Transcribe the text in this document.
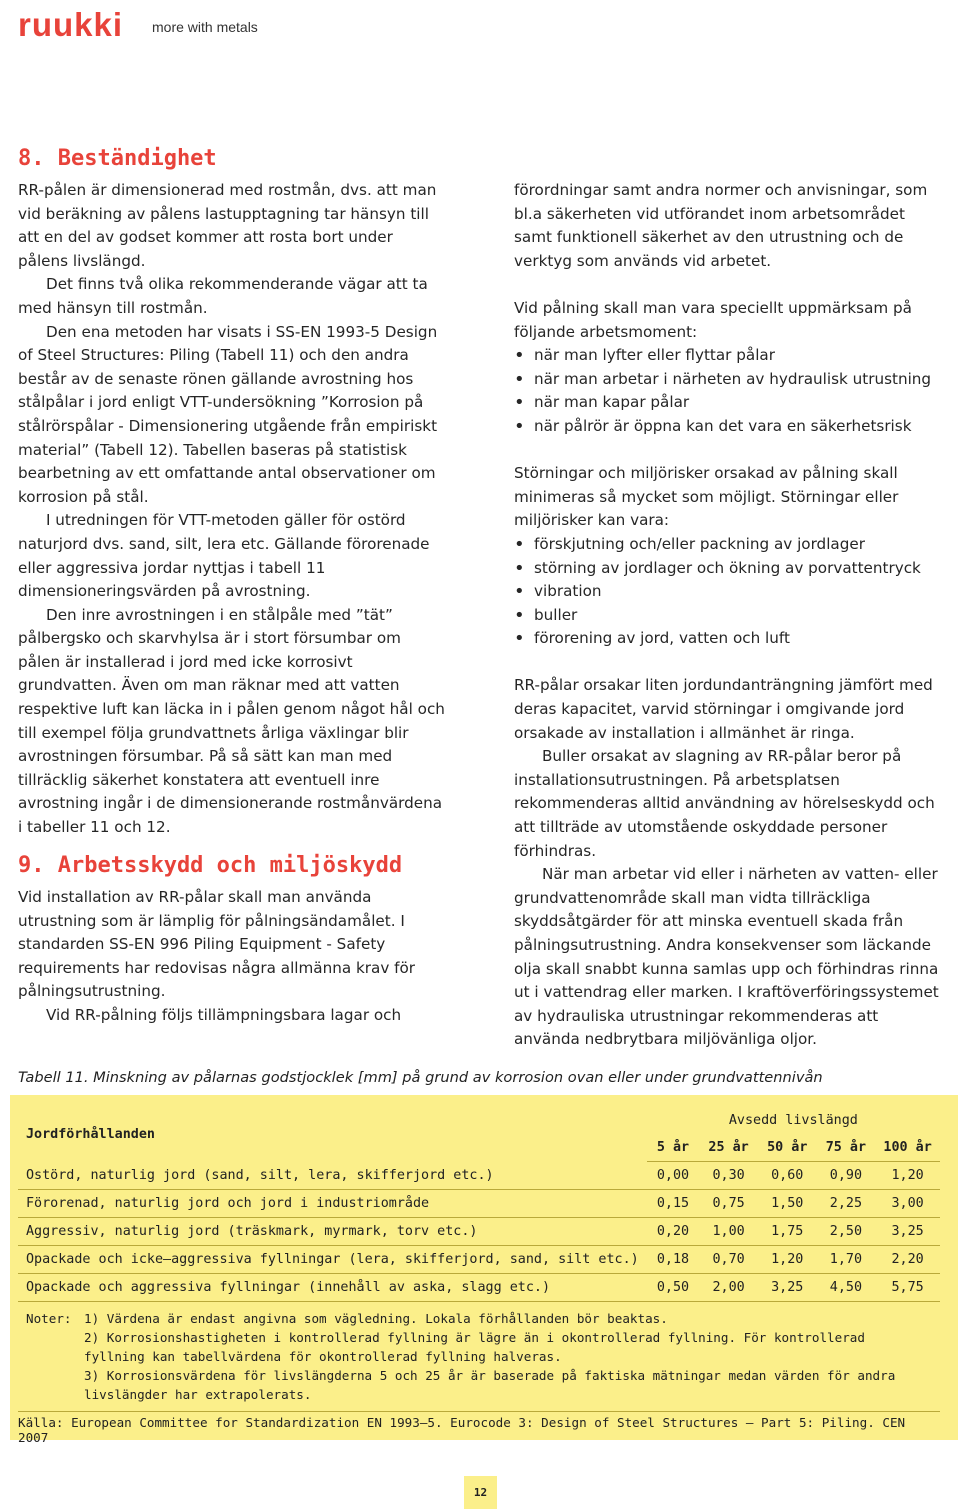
ruukki more with metals
8. Beständighet

RR-pålen är dimensionerad med rostmån, dvs. att man vid beräkning av pålens lastupptagning tar hänsyn till att en del av godset kommer att rosta bort under pålens livslängd.

Det finns två olika rekommenderande vägar att ta med hänsyn till rostmån.

Den ena metoden har visats i SS-EN 1993-5 Design of Steel Structures: Piling (Tabell 11) och den andra består av de senaste rönen gällande avrostning hos stålpålar i jord enligt VTT-undersökning ”Korrosion på stålrörspålar - Dimensionering utgående från empiriskt material” (Tabell 12). Tabellen baseras på statistisk bearbetning av ett omfattande antal observationer om korrosion på stål.

I utredningen för VTT-metoden gäller för ostörd naturjord dvs. sand, silt, lera etc. Gällande förorenade eller aggressiva jordar nyttjas i tabell 11 dimensioneringsvärden på avrostning.

Den inre avrostningen i en stålpåle med ”tät” pålbergsko och skarvhylsa är i stort försumbar om pålen är installerad i jord med icke korrosivt grundvatten. Även om man räknar med att vatten respektive luft kan läcka in i pålen genom något hål och till exempel följa grundvattnets årliga växlingar blir avrostningen försumbar. På så sätt kan man med tillräcklig säkerhet konstatera att eventuell inre avrostning ingår i de dimensionerande rostmånvärdena i tabeller 11 och 12.

9. Arbetsskydd och miljöskydd

Vid installation av RR-pålar skall man använda utrustning som är lämplig för pålningsändamålet. I standarden SS-EN 996 Piling Equipment - Safety requirements har redovisas några allmänna krav för pålningsutrustning.

Vid RR-pålning följs tillämpningsbara lagar och

förordningar samt andra normer och anvisningar, som bl.a säkerheten vid utförandet inom arbetsområdet samt funktionell säkerhet av den utrustning och de verktyg som används vid arbetet.

Vid pålning skall man vara speciellt uppmärksam på följande arbetsmoment:

• när man lyfter eller flyttar pålar
• när man arbetar i närheten av hydraulisk utrustning
• när man kapar pålar
• när pålrör är öppna kan det vara en säkerhetsrisk

Störningar och miljörisker orsakad av pålning skall minimeras så mycket som möjligt. Störningar eller miljörisker kan vara:

• förskjutning och/eller packning av jordlager
• störning av jordlager och ökning av porvattentryck
• vibration
• buller
• förorening av jord, vatten och luft

RR-pålar orsakar liten jordundanträngning jämfört med deras kapacitet, varvid störningar i omgivande jord orsakade av installation i allmänhet är ringa.

Buller orsakat av slagning av RR-pålar beror på installationsutrustningen. På arbetsplatsen rekommenderas alltid användning av hörelseskydd och att tillträde av utomstående oskyddade personer förhindras.

När man arbetar vid eller i närheten av vatten- eller grundvattenområde skall man vidta tillräckliga skyddsåtgärder för att minska eventuell skada från pålningsutrustning. Andra konsekvenser som läckande olja skall snabbt kunna samlas upp och förhindras rinna ut i vattendrag eller marken. I kraftöverföringssystemet av hydrauliska utrustningar rekommenderas att använda nedbrytbara miljövänliga oljor.

Tabell 11. Minskning av pålarnas godstjocklek [mm] på grund av korrosion ovan eller under grundvattennivån
Jordförhållanden	Avsedd livslängd				
	5 år	25 år	50 år	75 år	100 år
Ostörd, naturlig jord (sand, silt, lera, skifferjord etc.)	0,00	0,30	0,60	0,90	1,20
Förorenad, naturlig jord och jord i industriområde	0,15	0,75	1,50	2,25	3,00
Aggressiv, naturlig jord (träskmark, myrmark, torv etc.)	0,20	1,00	1,75	2,50	3,25
Opackade och icke–aggressiva fyllningar (lera, skifferjord, sand, silt etc.)	0,18	0,70	1,20	1,70	2,20
Opackade och aggressiva fyllningar (innehåll av aska, slagg etc.)	0,50	2,00	3,25	4,50	5,75
Noter: 1) Värdena är endast angivna som vägledning. Lokala förhållanden bör beaktas.
2) Korrosionshastigheten i kontrollerad fyllning är lägre än i okontrollerad fyllning. För kontrollerad fyllning kan tabellvärdena för okontrollerad fyllning halveras.
3) Korrosionsvärdena för livslängderna 5 och 25 år är baserade på faktiska mätningar medan värden för andra livslängder har extrapolerats.
Källa: European Committee for Standardization EN 1993–5. Eurocode 3: Design of Steel Structures — Part 5: Piling. CEN 2007
12
